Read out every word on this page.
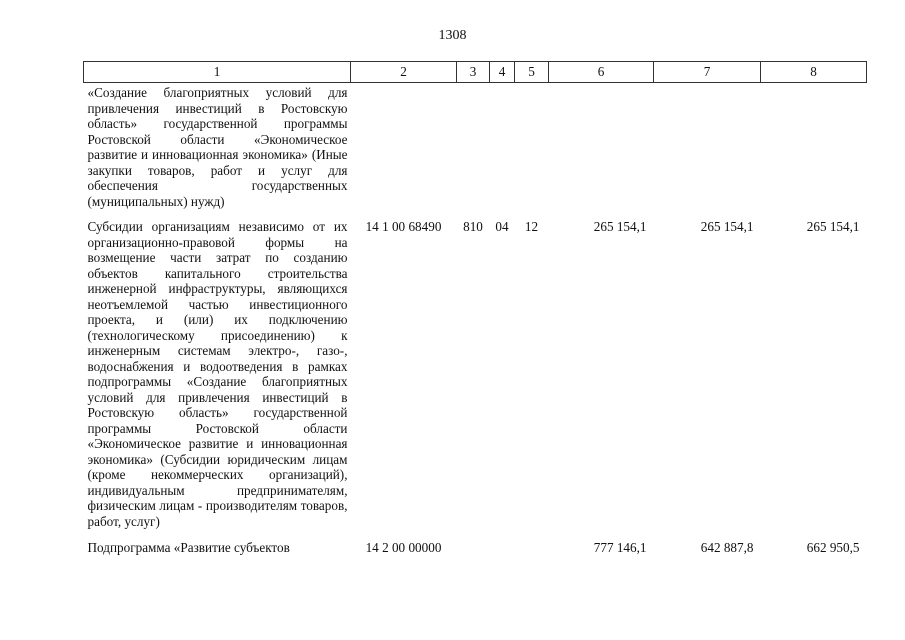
1308
1	2	3	4	5	6	7	8
«Создание благоприятных условий для привлечения инвестиций в Ростовскую область» государственной программы Ростовской области «Экономическое развитие и инновационная экономика» (Иные закупки товаров, работ и услуг для обеспечения государственных (муниципальных) нужд)							
Субсидии организациям независимо от их организационно-правовой формы на возмещение части затрат по созданию объектов капитального строительства инженерной инфраструктуры, являющихся неотъемлемой частью инвестиционного проекта, и (или) их подключению (технологическому присоединению) к инженерным системам электро-, газо-, водоснабжения и водоотведения в рамках подпрограммы «Создание благоприятных условий для привлечения инвестиций в Ростовскую область» государственной программы Ростовской области «Экономическое развитие и инновационная экономика» (Субсидии юридическим лицам (кроме некоммерческих организаций), индивидуальным предпринимателям, физическим лицам - производителям товаров, работ, услуг)	14 1 00 68490	810	04	12	265 154,1	265 154,1	265 154,1
Подпрограмма «Развитие субъектов	14 2 00 00000				777 146,1	642 887,8	662 950,5
